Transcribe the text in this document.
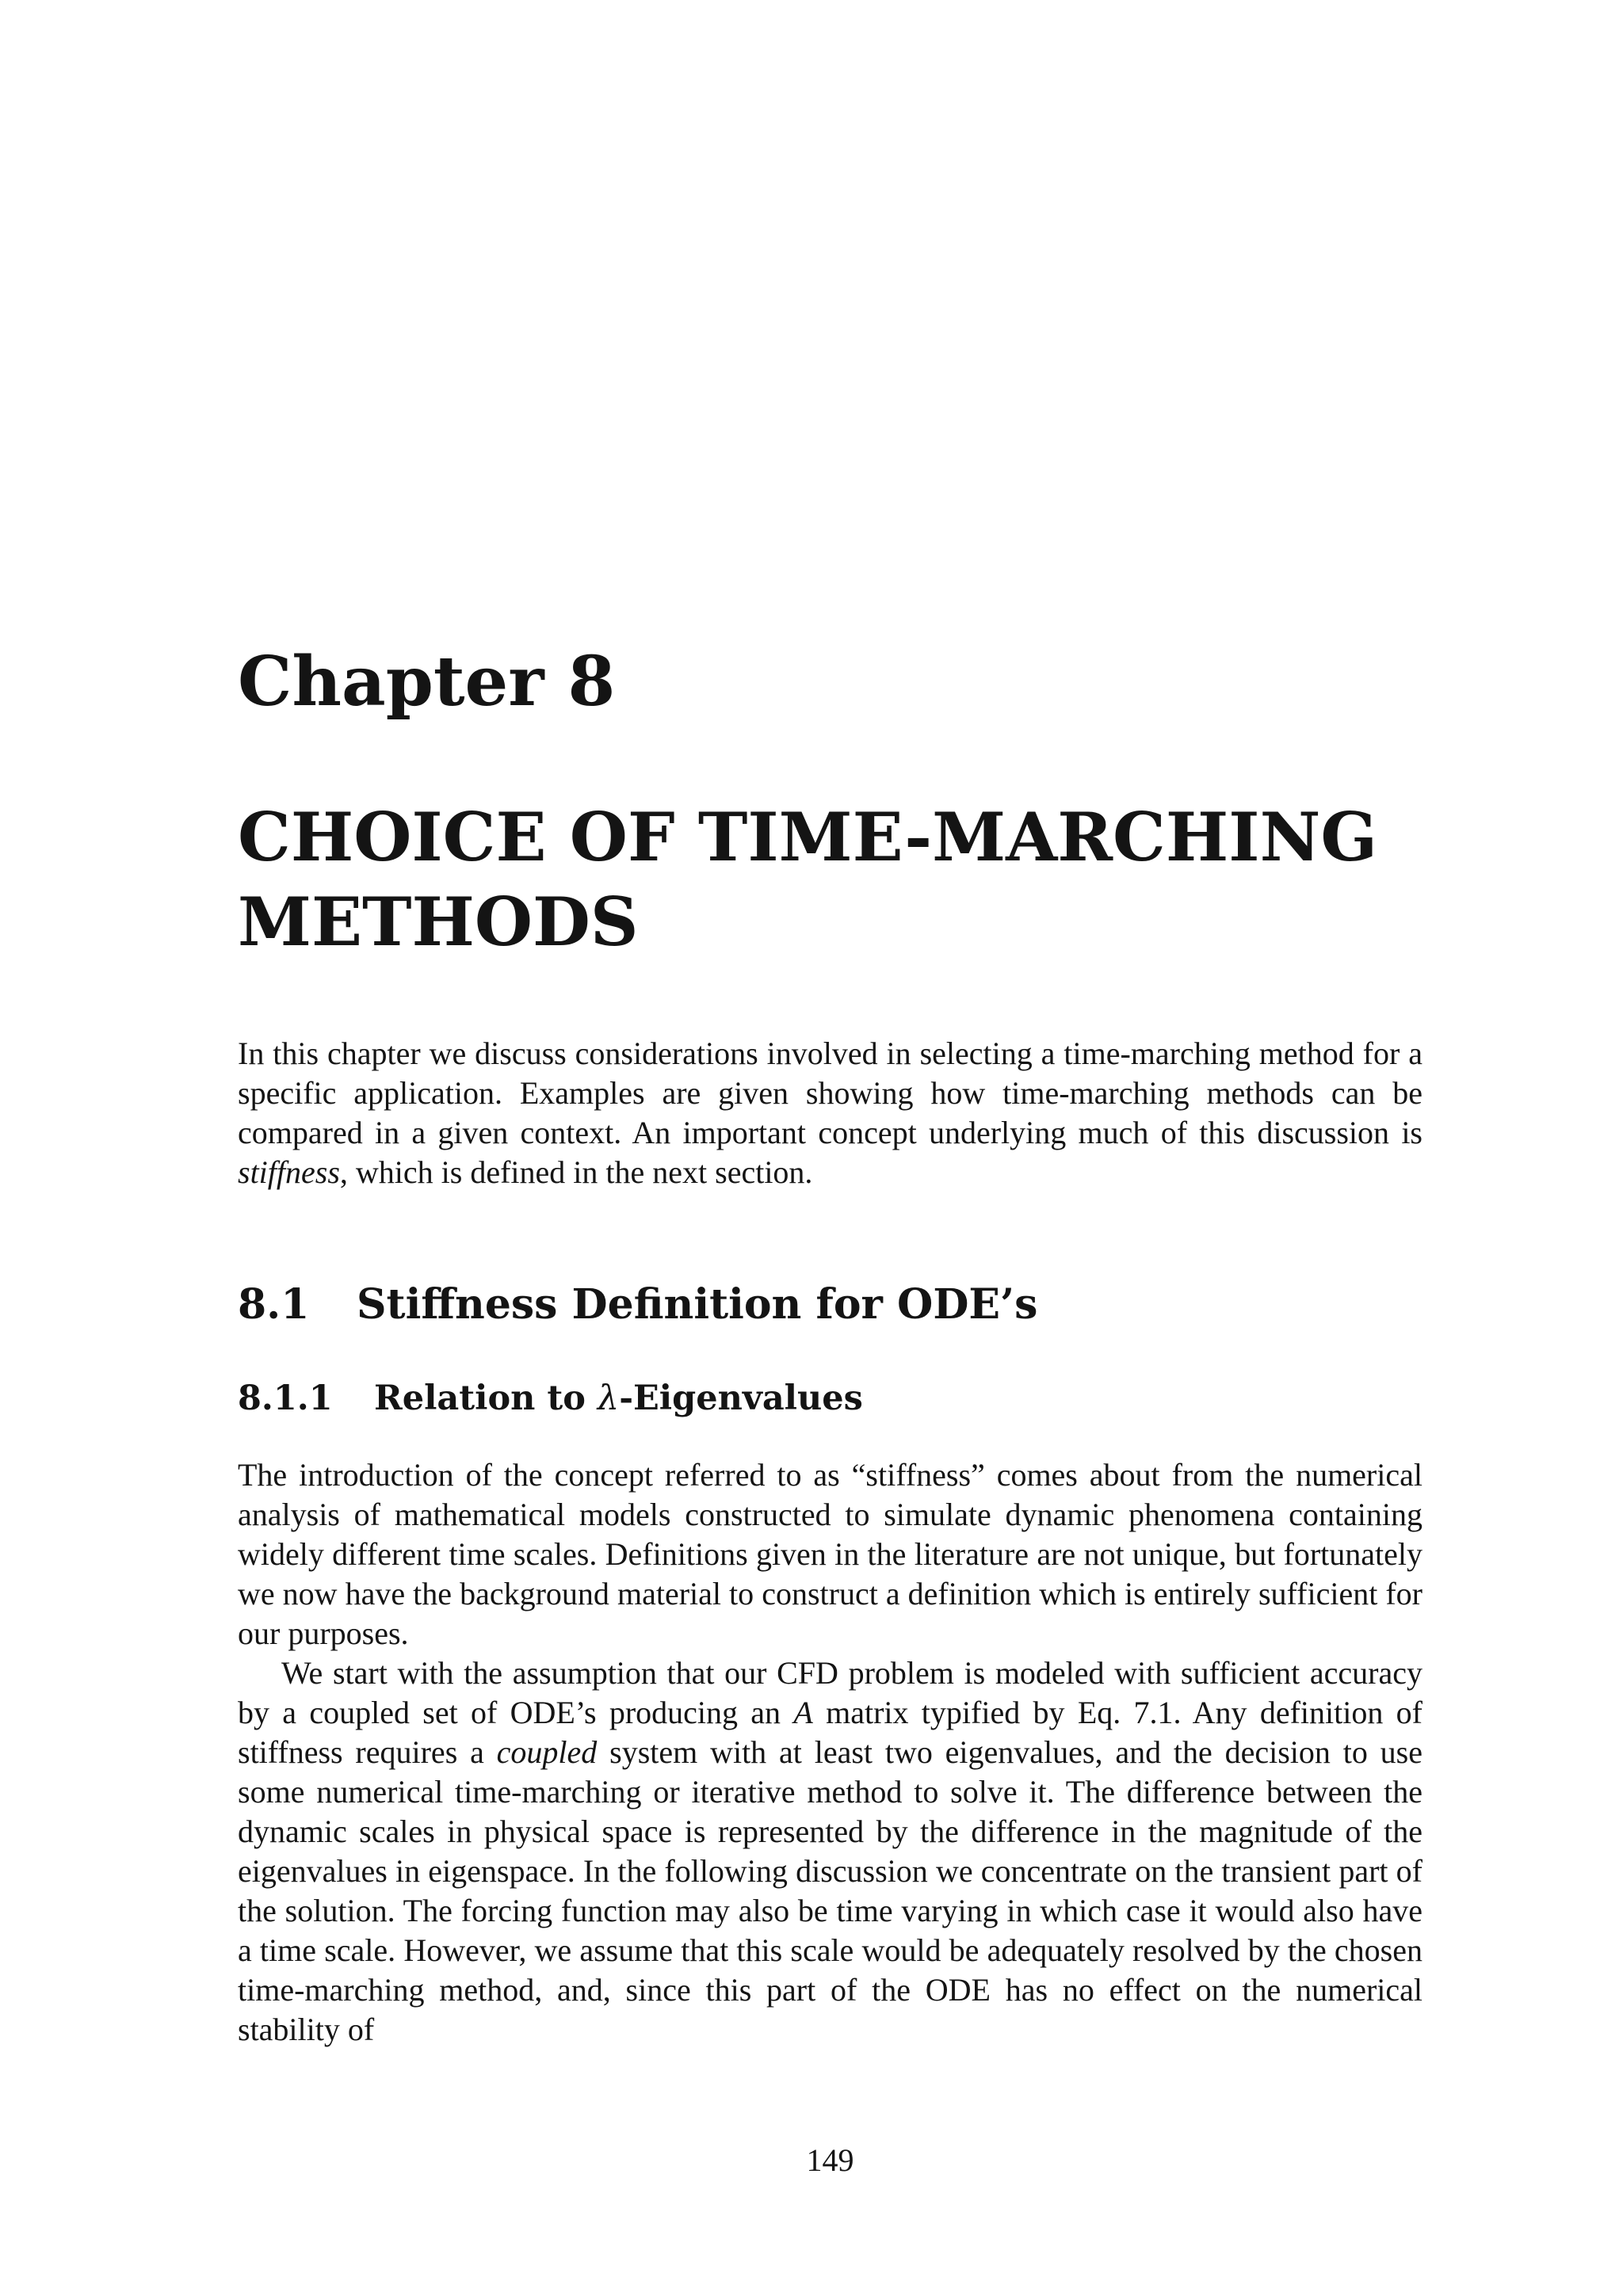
Chapter 8
CHOICE OF TIME-MARCHING METHODS

In this chapter we discuss considerations involved in selecting a time-marching method for a specific application. Examples are given showing how time-marching methods can be compared in a given context. An important concept underlying much of this discussion is stiffness, which is defined in the next section.

8.1 Stiffness Definition for ODE’s
8.1.1 Relation to λ-Eigenvalues

The introduction of the concept referred to as “stiffness” comes about from the numerical analysis of mathematical models constructed to simulate dynamic phenomena containing widely different time scales. Definitions given in the literature are not unique, but fortunately we now have the background material to construct a definition which is entirely sufficient for our purposes.

We start with the assumption that our CFD problem is modeled with sufficient accuracy by a coupled set of ODE’s producing an A matrix typified by Eq. 7.1. Any definition of stiffness requires a coupled system with at least two eigenvalues, and the decision to use some numerical time-marching or iterative method to solve it. The difference between the dynamic scales in physical space is represented by the difference in the magnitude of the eigenvalues in eigenspace. In the following discussion we concentrate on the transient part of the solution. The forcing function may also be time varying in which case it would also have a time scale. However, we assume that this scale would be adequately resolved by the chosen time-marching method, and, since this part of the ODE has no effect on the numerical stability of

149
